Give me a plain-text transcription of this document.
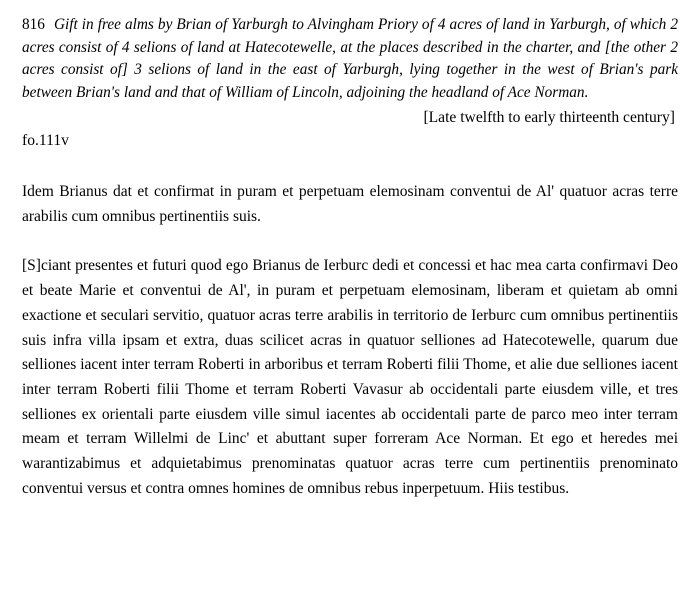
816 Gift in free alms by Brian of Yarburgh to Alvingham Priory of 4 acres of land in Yarburgh, of which 2 acres consist of 4 selions of land at Hatecotewelle, at the places described in the charter, and [the other 2 acres consist of] 3 selions of land in the east of Yarburgh, lying together in the west of Brian's park between Brian's land and that of William of Lincoln, adjoining the headland of Ace Norman.

[Late twelfth to early thirteenth century]
fo.111v

Idem Brianus dat et confirmat in puram et perpetuam elemosinam conventui de Al' quatuor acras terre arabilis cum omnibus pertinentiis suis.

[S]ciant presentes et futuri quod ego Brianus de Ierburc dedi et concessi et hac mea carta confirmavi Deo et beate Marie et conventui de Al', in puram et perpetuam elemosinam, liberam et quietam ab omni exactione et seculari servitio, quatuor acras terre arabilis in territorio de Ierburc cum omnibus pertinentiis suis infra villa ipsam et extra, duas scilicet acras in quatuor selliones ad Hatecotewelle, quarum due selliones iacent inter terram Roberti in arboribus et terram Roberti filii Thome, et alie due selliones iacent inter terram Roberti filii Thome et terram Roberti Vavasur ab occidentali parte eiusdem ville, et tres selliones ex orientali parte eiusdem ville simul iacentes ab occidentali parte de parco meo inter terram meam et terram Willelmi de Linc' et abuttant super forreram Ace Norman. Et ego et heredes mei warantizabimus et adquietabimus prenominatas quatuor acras terre cum pertinentiis prenominato conventui versus et contra omnes homines de omnibus rebus inperpetuum. Hiis testibus.
